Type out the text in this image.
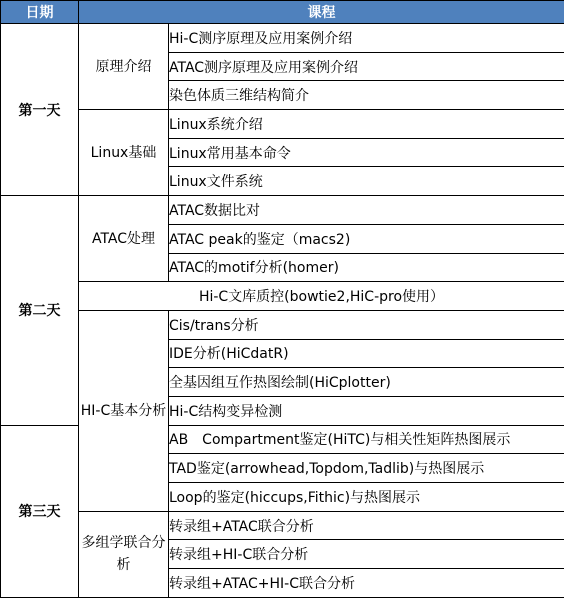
日期	课程	
第一天	原理介绍	Hi-C测序原理及应用案例介绍
		ATAC测序原理及应用案例介绍
		染色体质三维结构简介
	Linux基础	Linux系统介绍
		Linux常用基本命令
		Linux文件系统
第二天	ATAC处理	ATAC数据比对
		ATAC peak的鉴定（macs2)
		ATAC的motif分析(homer)
	Hi-C文库质控(bowtie2,HiC-pro使用）	
	HI-C基本分析	Cis/trans分析
		IDE分析(HiCdatR)
		全基因组互作热图绘制(HiCplotter)
		Hi-C结构变异检测
第三天		AB　Compartment鉴定(HiTC)与相关性矩阵热图展示
		TAD鉴定(arrowhead,Topdom,Tadlib)与热图展示
		Loop的鉴定(hiccups,Fithic)与热图展示
	多组学联合分析	转录组+ATAC联合分析
		转录组+HI-C联合分析
		转录组+ATAC+HI-C联合分析
